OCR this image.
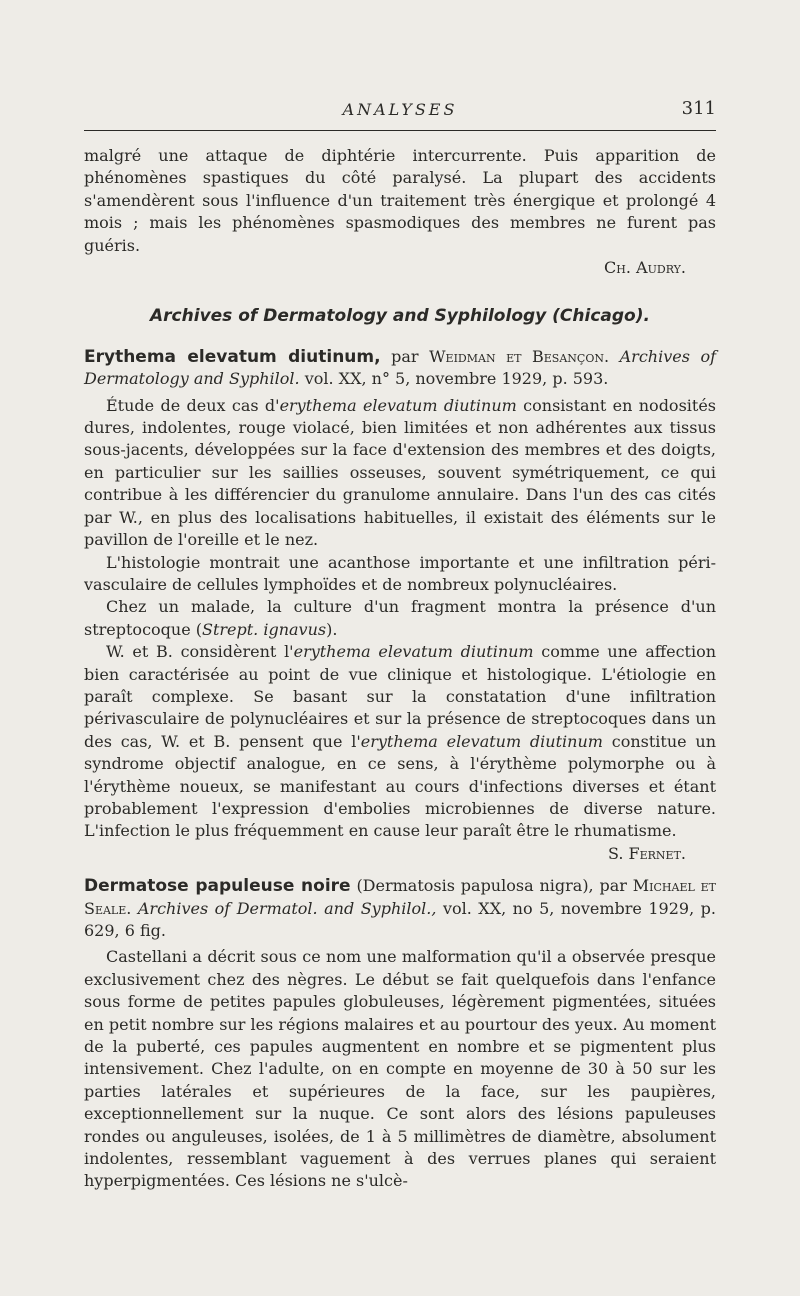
ANALYSES	311

malgré une attaque de diphtérie intercurrente. Puis apparition de phénomènes spastiques du côté paralysé. La plupart des accidents s'amendèrent sous l'influence d'un traitement très énergique et prolongé 4 mois ; mais les phénomènes spasmodiques des membres ne furent pas guéris.

Ch. Audry.
Archives of Dermatology and Syphilology (Chicago).

Erythema elevatum diutinum, par Weidman et Besançon. Archives of Dermatology and Syphilol. vol. XX, n° 5, novembre 1929, p. 593.

Étude de deux cas d'erythema elevatum diutinum consistant en nodosités dures, indolentes, rouge violacé, bien limitées et non adhérentes aux tissus sous-jacents, développées sur la face d'extension des membres et des doigts, en particulier sur les saillies osseuses, souvent symétriquement, ce qui contribue à les différencier du granulome annulaire. Dans l'un des cas cités par W., en plus des localisations habituelles, il existait des éléments sur le pavillon de l'oreille et le nez.

L'histologie montrait une acanthose importante et une infiltration péri-vasculaire de cellules lymphoïdes et de nombreux polynucléaires.

Chez un malade, la culture d'un fragment montra la présence d'un streptocoque (Strept. ignavus).

W. et B. considèrent l'erythema elevatum diutinum comme une affection bien caractérisée au point de vue clinique et histologique. L'étiologie en paraît complexe. Se basant sur la constatation d'une infiltration périvasculaire de polynucléaires et sur la présence de streptocoques dans un des cas, W. et B. pensent que l'erythema elevatum diutinum constitue un syndrome objectif analogue, en ce sens, à l'érythème polymorphe ou à l'érythème noueux, se manifestant au cours d'infections diverses et étant probablement l'expression d'embolies microbiennes de diverse nature. L'infection le plus fréquemment en cause leur paraît être le rhumatisme.

S. Fernet.

Dermatose papuleuse noire (Dermatosis papulosa nigra), par Michael et Seale. Archives of Dermatol. and Syphilol., vol. XX, no 5, novembre 1929, p. 629, 6 fig.

Castellani a décrit sous ce nom une malformation qu'il a observée presque exclusivement chez des nègres. Le début se fait quelquefois dans l'enfance sous forme de petites papules globuleuses, légèrement pigmentées, situées en petit nombre sur les régions malaires et au pourtour des yeux. Au moment de la puberté, ces papules augmentent en nombre et se pigmentent plus intensivement. Chez l'adulte, on en compte en moyenne de 30 à 50 sur les parties latérales et supérieures de la face, sur les paupières, exceptionnellement sur la nuque. Ce sont alors des lésions papuleuses rondes ou anguleuses, isolées, de 1 à 5 millimètres de diamètre, absolument indolentes, ressemblant vaguement à des verrues planes qui seraient hyperpigmentées. Ces lésions ne s'ulcè-
